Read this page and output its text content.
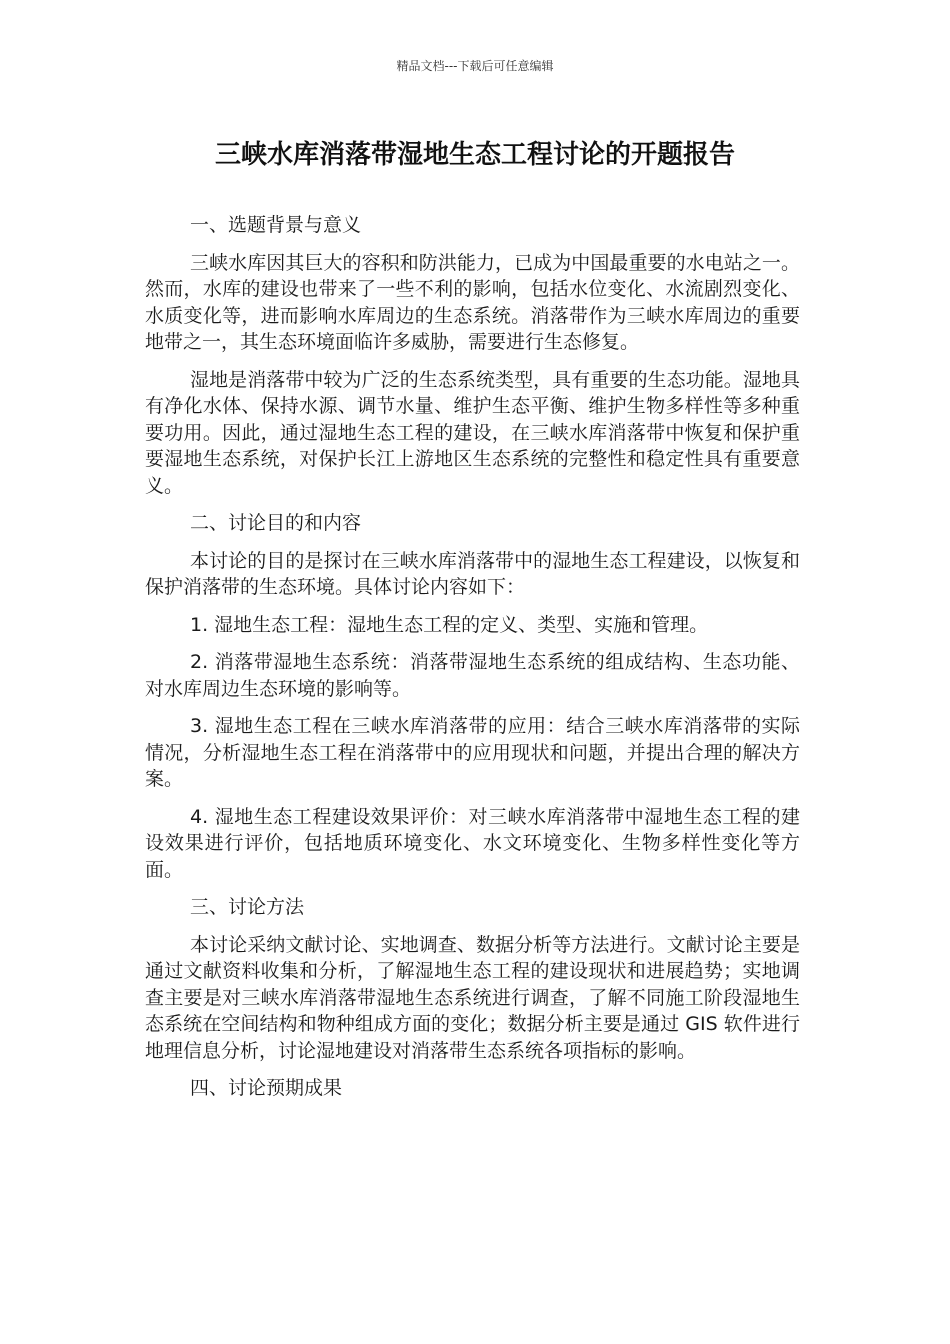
精品文档---下载后可任意编辑
三峡水库消落带湿地生态工程讨论的开题报告

一、选题背景与意义

三峡水库因其巨大的容积和防洪能力，已成为中国最重要的水电站之一。然而，水库的建设也带来了一些不利的影响，包括水位变化、水流剧烈变化、水质变化等，进而影响水库周边的生态系统。消落带作为三峡水库周边的重要地带之一，其生态环境面临许多威胁，需要进行生态修复。

湿地是消落带中较为广泛的生态系统类型，具有重要的生态功能。湿地具有净化水体、保持水源、调节水量、维护生态平衡、维护生物多样性等多种重要功用。因此，通过湿地生态工程的建设，在三峡水库消落带中恢复和保护重要湿地生态系统，对保护长江上游地区生态系统的完整性和稳定性具有重要意义。

二、讨论目的和内容

本讨论的目的是探讨在三峡水库消落带中的湿地生态工程建设，以恢复和保护消落带的生态环境。具体讨论内容如下：

1. 湿地生态工程：湿地生态工程的定义、类型、实施和管理。

2. 消落带湿地生态系统：消落带湿地生态系统的组成结构、生态功能、对水库周边生态环境的影响等。

3. 湿地生态工程在三峡水库消落带的应用：结合三峡水库消落带的实际情况，分析湿地生态工程在消落带中的应用现状和问题，并提出合理的解决方案。

4. 湿地生态工程建设效果评价：对三峡水库消落带中湿地生态工程的建设效果进行评价，包括地质环境变化、水文环境变化、生物多样性变化等方面。

三、讨论方法

本讨论采纳文献讨论、实地调查、数据分析等方法进行。文献讨论主要是通过文献资料收集和分析，了解湿地生态工程的建设现状和进展趋势；实地调查主要是对三峡水库消落带湿地生态系统进行调查，了解不同施工阶段湿地生态系统在空间结构和物种组成方面的变化；数据分析主要是通过 GIS 软件进行地理信息分析，讨论湿地建设对消落带生态系统各项指标的影响。

四、讨论预期成果
